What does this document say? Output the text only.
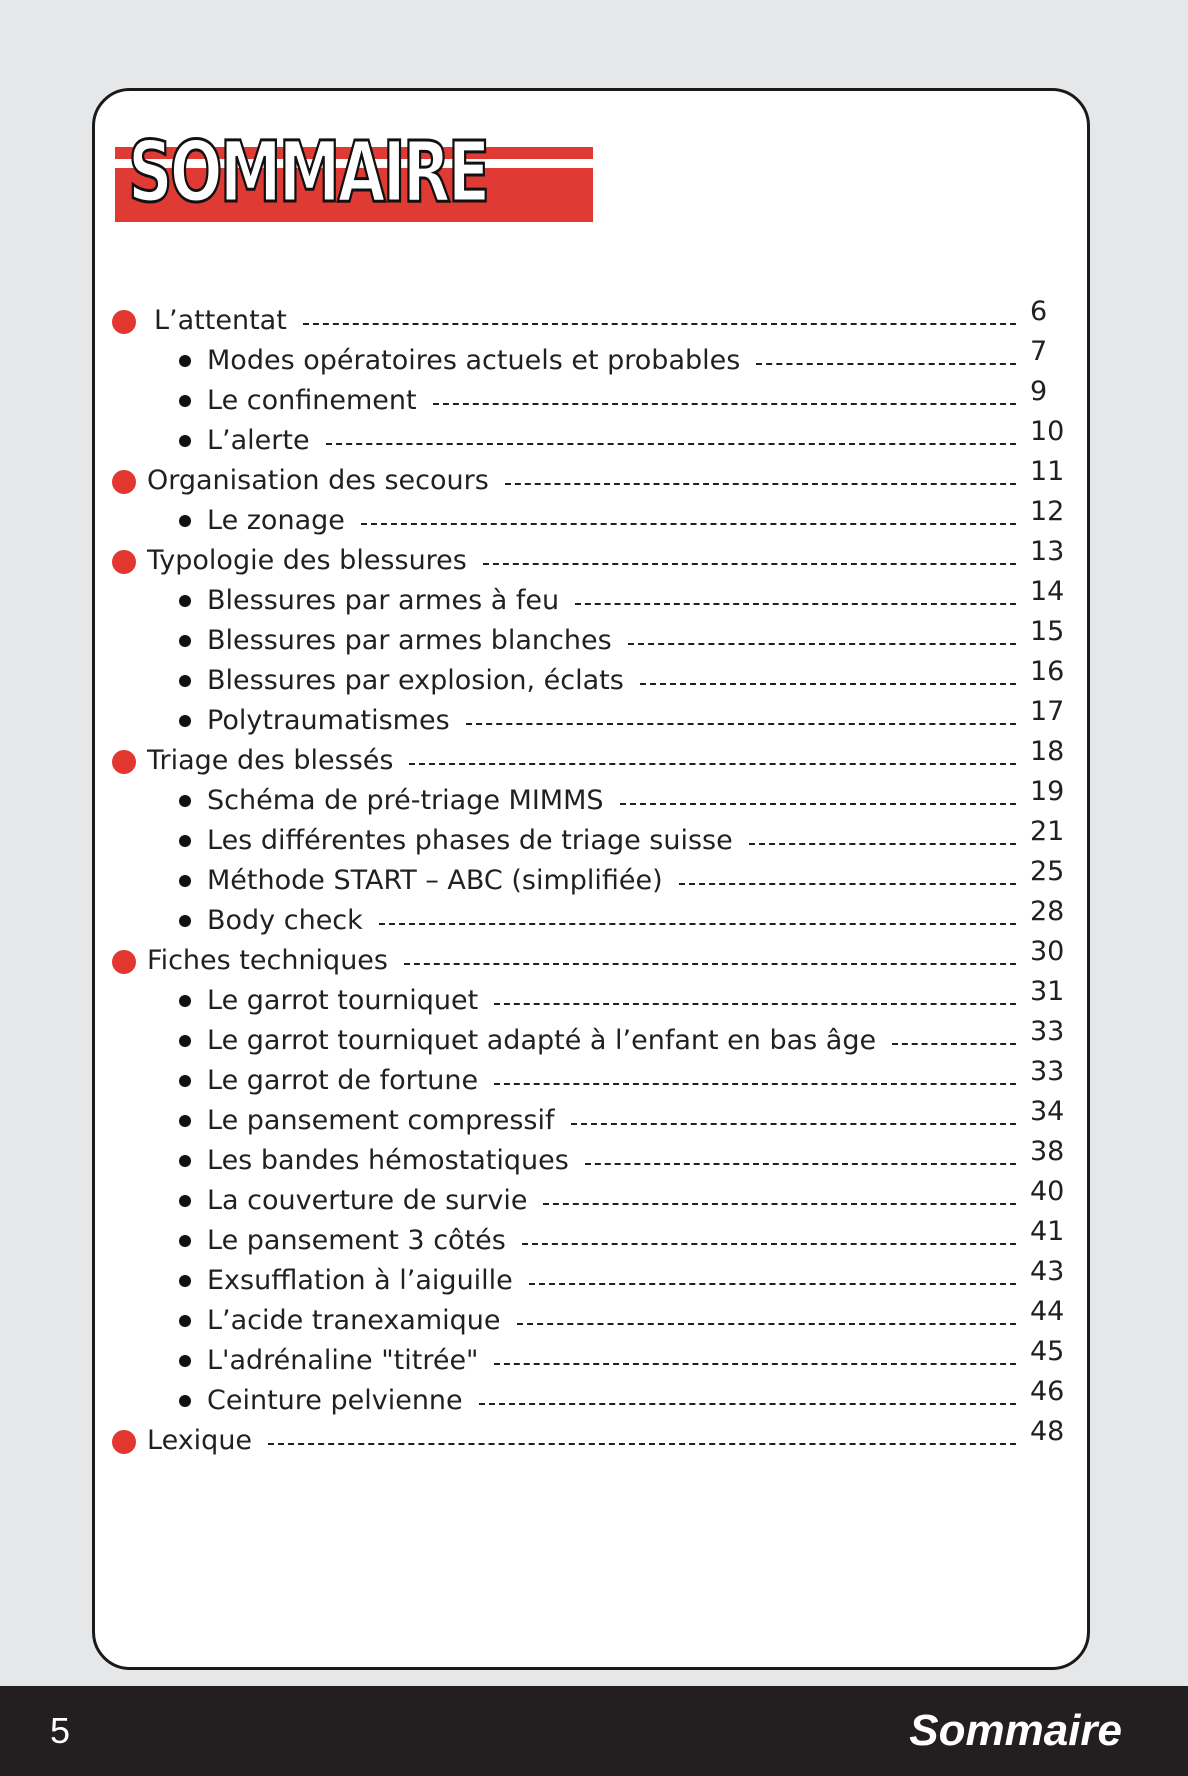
SOMMAIRE
L’attentat	6
Modes opératoires actuels et probables	7
Le confinement	9
L’alerte	10
Organisation des secours	11
Le zonage	12
Typologie des blessures	13
Blessures par armes à feu	14
Blessures par armes blanches	15
Blessures par explosion, éclats	16
Polytraumatismes	17
Triage des blessés	18
Schéma de pré-triage MIMMS	19
Les différentes phases de triage suisse	21
Méthode START – ABC (simplifiée)	25
Body check	28
Fiches techniques	30
Le garrot tourniquet	31
Le garrot tourniquet adapté à l’enfant en bas âge	33
Le garrot de fortune	33
Le pansement compressif	34
Les bandes hémostatiques	38
La couverture de survie	40
Le pansement 3 côtés	41
Exsufflation à l’aiguille	43
L’acide tranexamique	44
L'adrénaline "titrée"	45
Ceinture pelvienne	46
Lexique	48
5	Sommaire
